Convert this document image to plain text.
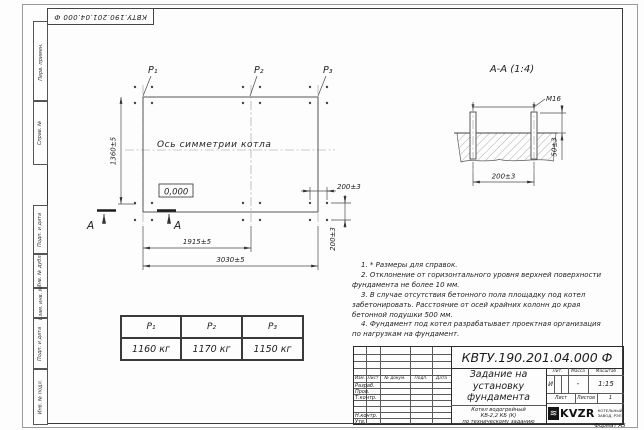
Перв. примен.
Справ. №
Подп. и дата
Инв. № дубл.
Взам. инв. №
Подп. и дата
Инв. № подл.
КВТУ.190.201.04.000 Ф
P₁	P₂	P₃
Ось симметрии котла
0,000
1360±5
1915±5
3030±5
200±3
200±3
А	А
А-А (1:4)
M16
50±3
200±3

1. * Размеры для справок.

2. Отклонение от горизонтального уровня верхней поверхности фундамента не более 10 мм.

3. В случае отсутствия бетонного пола площадку под котел забетонировать. Расстояние от осей крайних колонн до края бетонной подушки 500 мм.

4. Фундамент под котел разрабатывает проектная организация по нагрузкам на фундамент.

P₁	P₂	P₃
1160 кг	1170 кг	1150 кг
Изм. Лист	№ докум.	Подп.	Дата
Разраб.
Пров.
Т.контр.
Н.контр.
Утв.
КВТУ.190.201.04.000 Ф
Задание на
установку
фундамента
Котел водогрейный
КВ-2,2 КБ (К)
по техническому заданию
Лит.	Масса	Масштаб
И	-	1:15
Лист	Листов	1
≋ KVZR КОТЕЛЬНЫЙ
ЗАВОД, РЭП
Формат А3
